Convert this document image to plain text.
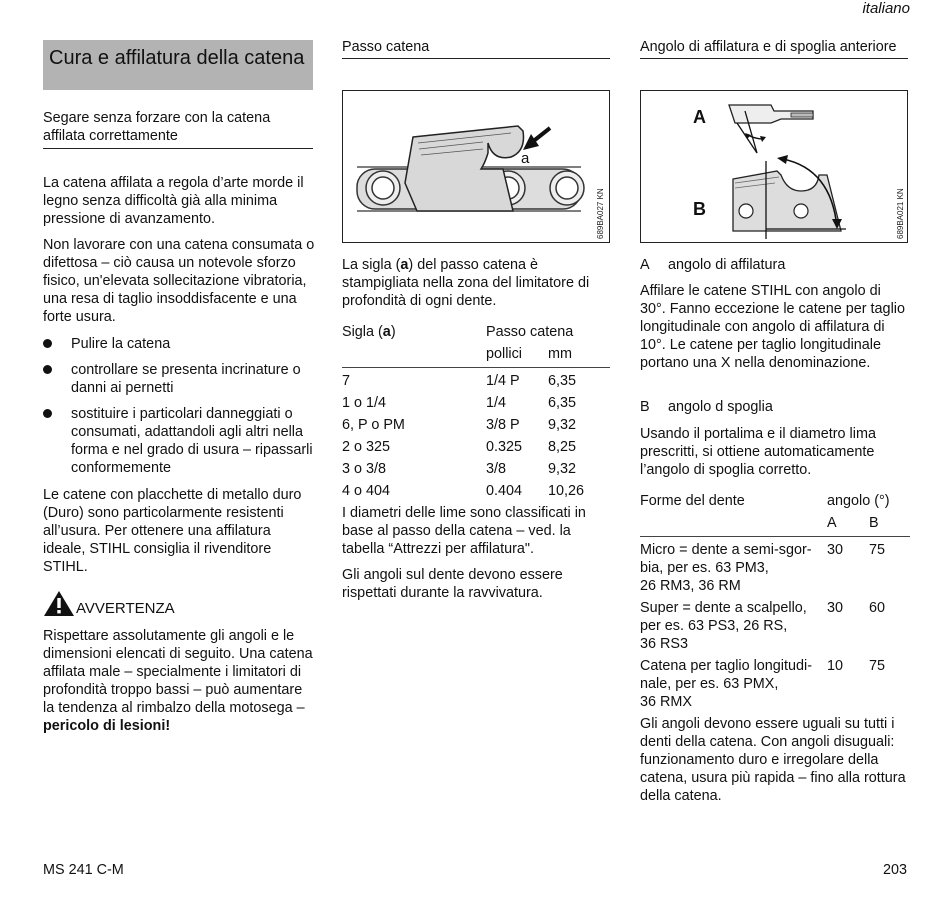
italiano
Cura e affilatura della catena
Segare senza forzare con la catena affilata correttamente
La catena affilata a regola d’arte morde il legno senza difficoltà già alla minima pressione di avanzamento.
Non lavorare con una catena consumata o difettosa – ciò causa un notevole sforzo fisico, un'elevata sollecitazione vibratoria, una resa di taglio insoddisfacente e una forte usura.
Pulire la catena
controllare se presenta incrinature o danni ai pernetti
sostituire i particolari danneggiati o consumati, adattandoli agli altri nella forma e nel grado di usura – ripassarli conformemente
Le catene con placchette di metallo duro (Duro) sono particolarmente resistenti all’usura. Per ottenere una affilatura ideale, STIHL consiglia il rivenditore STIHL.
AVVERTENZA
Rispettare assolutamente gli angoli e le dimensioni elencati di seguito. Una catena affilata male – specialmente i limitatori di profondità troppo bassi – può aumentare la tendenza al rimbalzo della motosega – pericolo di lesioni!
Passo catena
a
689BA027 KN
La sigla (a) del passo catena è stampigliata nella zona del limitatore di profondità di ogni dente.
Sigla (a)	Passo catena	
	pollici	mm
7	1/4 P	6,35
1 o 1/4	1/4	6,35
6, P o PM	3/8 P	9,32
2 o 325	0.325	8,25
3 o 3/8	3/8	9,32
4 o 404	0.404	10,26
I diametri delle lime sono classificati in base al passo della catena – ved. la tabella “Attrezzi per affilatura".
Gli angoli sul dente devono essere rispettati durante la ravvivatura.
Angolo di affilatura e di spoglia anteriore
A
B	689BA021 KN
A angolo di affilatura
Affilare le catene STIHL con angolo di 30°. Fanno eccezione le catene per taglio longitudinale con angolo di affilatura di 10°. Le catene per taglio longitudinale portano una X nella denominazione.
B angolo d spoglia
Usando il portalima e il diametro lima prescritti, si ottiene automaticamente l’angolo di spoglia corretto.
Forme del dente	angolo (°)	
	A	B

Micro = dente a semi-sgor-
bia, per es. 63 PM3,
26 RM3, 36 RM	30	75

Super = dente a scalpello,
per es. 63 PS3, 26 RS,
36 RS3	30	60

Catena per taglio longitudi-
nale, per es. 63 PMX,
36 RMX	10	75
Gli angoli devono essere uguali su tutti i denti della catena. Con angoli disuguali: funzionamento duro e irregolare della catena, usura più rapida – fino alla rottura della catena.
MS 241 C-M	203
